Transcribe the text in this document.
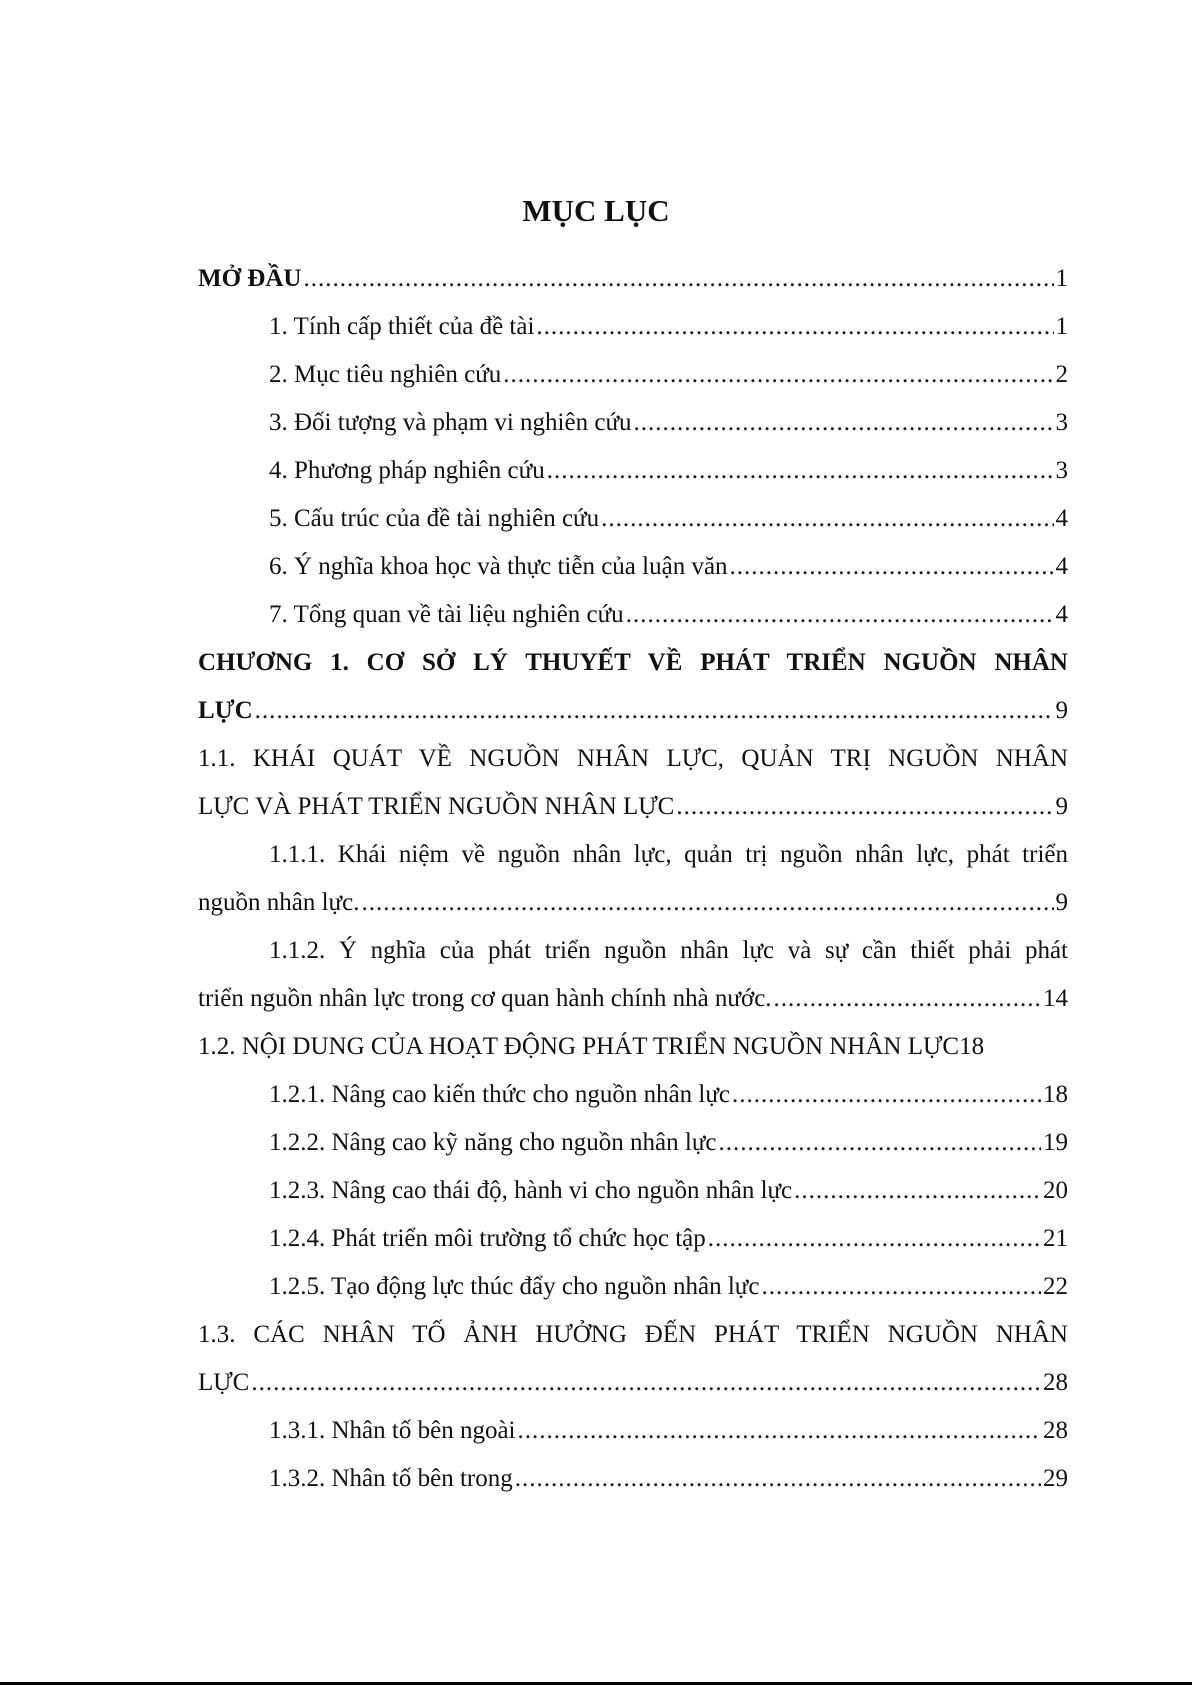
MỤC LỤC
MỞ ĐẦU .....	1
1. Tính cấp thiết của đề tài .....	1
2. Mục tiêu nghiên cứu .....	2
3. Đối tượng và phạm vi nghiên cứu .....	3
4. Phương pháp nghiên cứu .....	3
5. Cấu trúc của đề tài nghiên cứu .....	4
6. Ý nghĩa khoa học và thực tiễn của luận văn .....	4
7. Tổng quan về tài liệu nghiên cứu .....	4
CHƯƠNG 1. CƠ SỞ LÝ THUYẾT VỀ PHÁT TRIỂN NGUỒN NHÂN
LỰC .....	9
1.1. KHÁI QUÁT VỀ NGUỒN NHÂN LỰC, QUẢN TRỊ NGUỒN NHÂN
LỰC VÀ PHÁT TRIỂN NGUỒN NHÂN LỰC .....	9
1.1.1. Khái niệm về nguồn nhân lực, quản trị nguồn nhân lực, phát triển
nguồn nhân lực. .....	9
1.1.2. Ý nghĩa của phát triển nguồn nhân lực và sự cần thiết phải phát
triển nguồn nhân lực trong cơ quan hành chính nhà nước. .....	14
1.2. NỘI DUNG CỦA HOẠT ĐỘNG PHÁT TRIỂN NGUỒN NHÂN LỰC 18
1.2.1. Nâng cao kiến thức cho nguồn nhân lực .....	18
1.2.2. Nâng cao kỹ năng cho nguồn nhân lực .....	19
1.2.3. Nâng cao thái độ, hành vi cho nguồn nhân lực .....	20
1.2.4. Phát triển môi trường tổ chức học tập .....	21
1.2.5. Tạo động lực thúc đẩy cho nguồn nhân lực .....	22
1.3. CÁC NHÂN TỐ ẢNH HƯỞNG ĐẾN PHÁT TRIỂN NGUỒN NHÂN
LỰC .....	28
1.3.1. Nhân tố bên ngoài .....	28
1.3.2. Nhân tố bên trong .....	29
